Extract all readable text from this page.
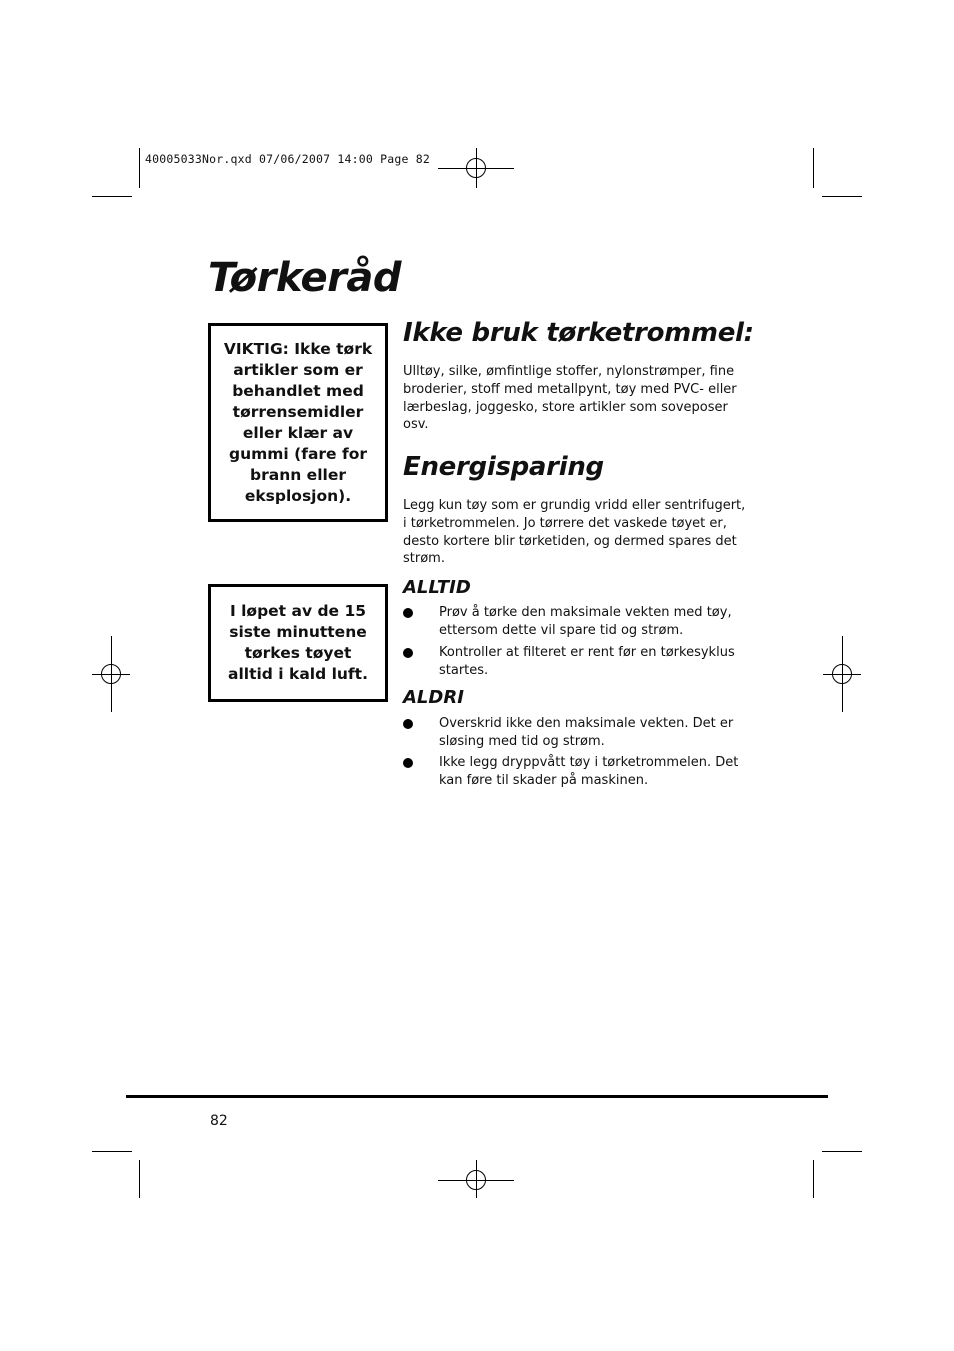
40005033Nor.qxd 07/06/2007 14:00 Page 82
Tørkeråd
VIKTIG: Ikke tørk artikler som er behandlet med tørrensemidler eller klær av gummi (fare for brann eller eksplosjon).
I løpet av de 15 siste minuttene tørkes tøyet alltid i kald luft.
Ikke bruk tørketrommel:

Ulltøy, silke, ømfintlige stoffer, nylonstrømper, fine broderier, stoff med metallpynt, tøy med PVC- eller lærbeslag, joggesko, store artikler som soveposer osv.

Energisparing

Legg kun tøy som er grundig vridd eller sentrifugert, i tørketrommelen. Jo tørrere det vaskede tøyet er, desto kortere blir tørketiden, og dermed spares det strøm.

ALLTID
Prøv å tørke den maksimale vekten med tøy, ettersom dette vil spare tid og strøm.
Kontroller at filteret er rent før en tørkesyklus startes.
ALDRI
Overskrid ikke den maksimale vekten. Det er sløsing med tid og strøm.
Ikke legg dryppvått tøy i tørketrommelen. Det kan føre til skader på maskinen.
82
